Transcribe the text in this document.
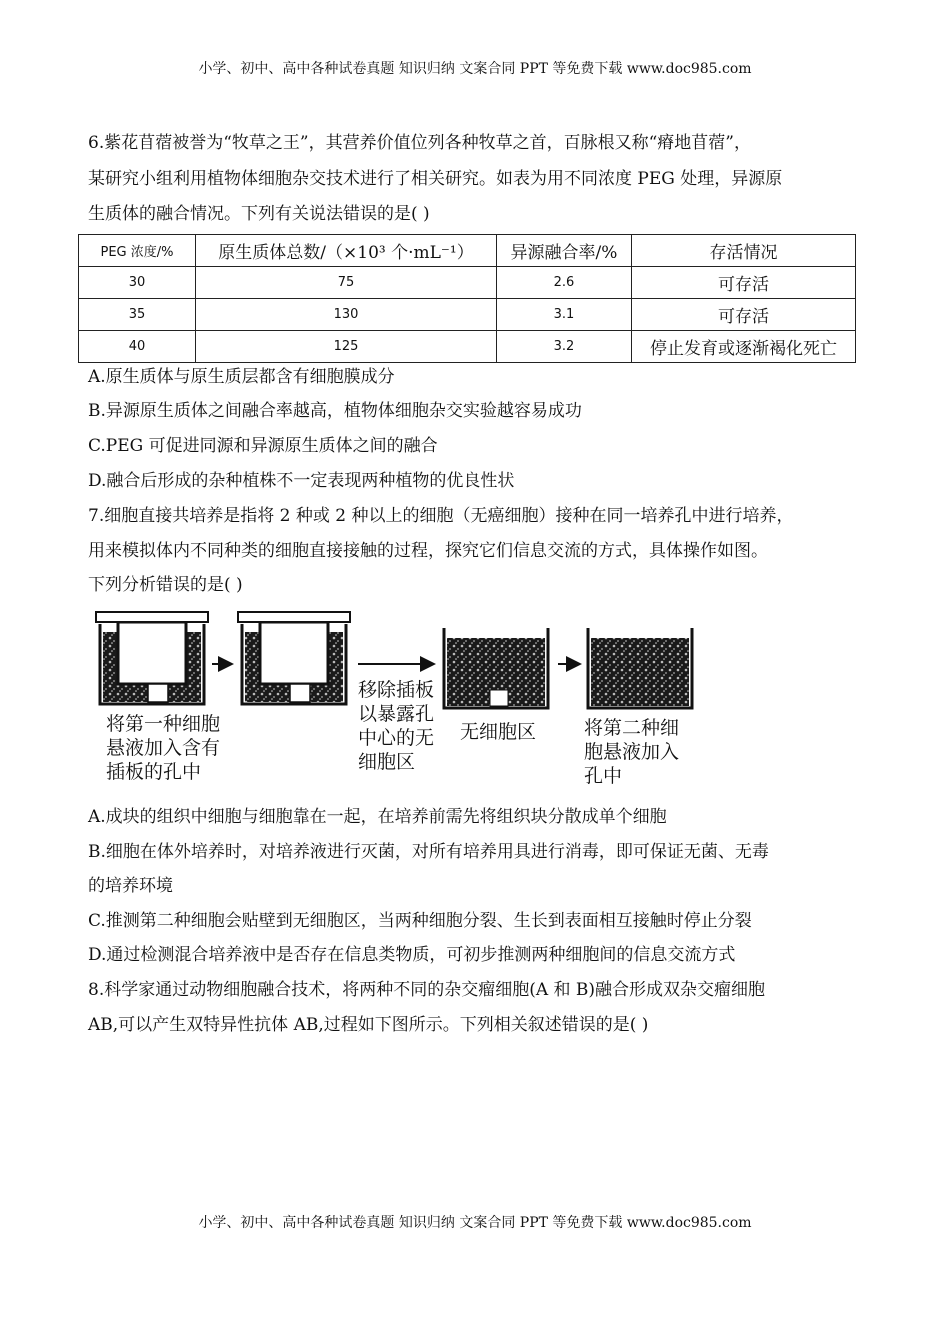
小学、初中、高中各种试卷真题 知识归纳 文案合同 PPT 等免费下载 www.doc985.com

6.紫花苜蓿被誉为“牧草之王”，其营养价值位列各种牧草之首，百脉根又称“瘠地苜蓿”，

某研究小组利用植物体细胞杂交技术进行了相关研究。如表为用不同浓度 PEG 处理，异源原

生质体的融合情况。下列有关说法错误的是( )

PEG 浓度/%	原生质体总数/（×10³ 个·mL⁻¹）	异源融合率/%	存活情况
30	75	2.6	可存活
35	130	3.1	可存活
40	125	3.2	停止发育或逐渐褐化死亡

A.原生质体与原生质层都含有细胞膜成分

B.异源原生质体之间融合率越高，植物体细胞杂交实验越容易成功

C.PEG 可促进同源和异源原生质体之间的融合

D.融合后形成的杂种植株不一定表现两种植物的优良性状

7.细胞直接共培养是指将 2 种或 2 种以上的细胞（无癌细胞）接种在同一培养孔中进行培养，

用来模拟体内不同种类的细胞直接接触的过程，探究它们信息交流的方式，具体操作如图。

下列分析错误的是( )

将第一种细胞
悬液加入含有
插板的孔中
移除插板
以暴露孔
中心的无
细胞区
无细胞区	将第二种细
胞悬液加入
孔中

A.成块的组织中细胞与细胞靠在一起，在培养前需先将组织块分散成单个细胞

B.细胞在体外培养时，对培养液进行灭菌，对所有培养用具进行消毒，即可保证无菌、无毒

的培养环境

C.推测第二种细胞会贴壁到无细胞区，当两种细胞分裂、生长到表面相互接触时停止分裂

D.通过检测混合培养液中是否存在信息类物质，可初步推测两种细胞间的信息交流方式

8.科学家通过动物细胞融合技术，将两种不同的杂交瘤细胞(A 和 B)融合形成双杂交瘤细胞

AB,可以产生双特异性抗体 AB,过程如下图所示。下列相关叙述错误的是( )

小学、初中、高中各种试卷真题 知识归纳 文案合同 PPT 等免费下载 www.doc985.com
